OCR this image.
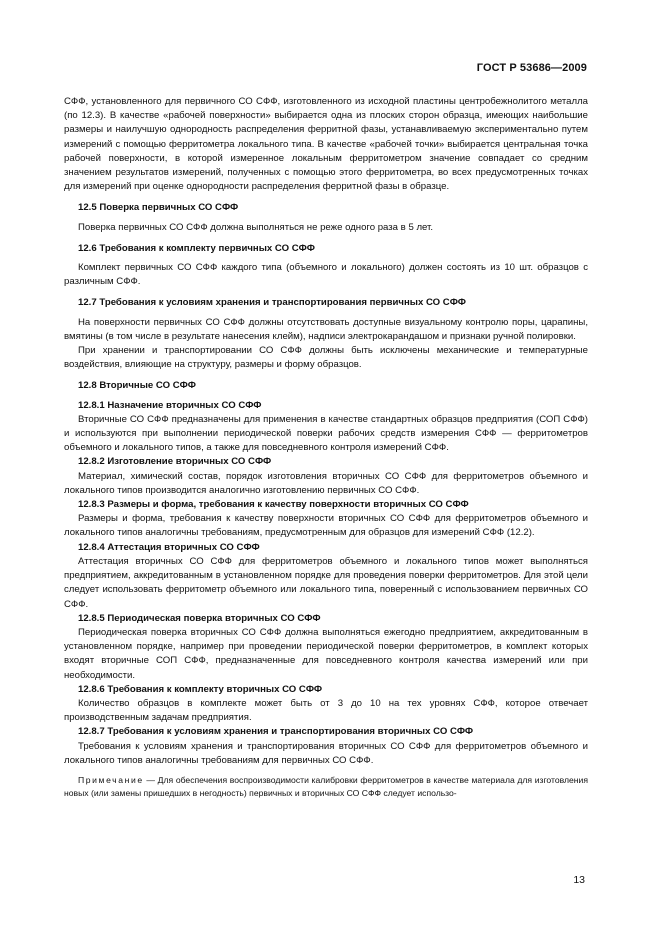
ГОСТ Р 53686—2009

СФФ, установленного для первичного СО СФФ, изготовленного из исходной пластины центробежнолитого металла (по 12.3). В качестве «рабочей поверхности» выбирается одна из плоских сторон образца, имеющих наибольшие размеры и наилучшую однородность распределения ферритной фазы, устанавливаемую экспериментально путем измерений с помощью ферритометра локального типа. В качестве «рабочей точки» выбирается центральная точка рабочей поверхности, в которой измеренное локальным ферритометром значение совпадает со средним значением результатов измерений, полученных с помощью этого ферритометра, во всех предусмотренных точках для измерений при оценке однородности распределения ферритной фазы в образце.

12.5 Поверка первичных СО СФФ

Поверка первичных СО СФФ должна выполняться не реже одного раза в 5 лет.

12.6 Требования к комплекту первичных СО СФФ

Комплект первичных СО СФФ каждого типа (объемного и локального) должен состоять из 10 шт. образцов с различным СФФ.

12.7 Требования к условиям хранения и транспортирования первичных СО СФФ

На поверхности первичных СО СФФ должны отсутствовать доступные визуальному контролю поры, царапины, вмятины (в том числе в результате нанесения клейм), надписи электрокарандашом и признаки ручной полировки.

При хранении и транспортировании СО СФФ должны быть исключены механические и температурные воздействия, влияющие на структуру, размеры и форму образцов.

12.8 Вторичные СО СФФ

12.8.1 Назначение вторичных СО СФФ

Вторичные СО СФФ предназначены для применения в качестве стандартных образцов предприятия (СОП СФФ) и используются при выполнении периодической поверки рабочих средств измерения СФФ — ферритометров объемного и локального типов, а также для повседневного контроля измерений СФФ.

12.8.2 Изготовление вторичных СО СФФ

Материал, химический состав, порядок изготовления вторичных СО СФФ для ферритометров объемного и локального типов производится аналогично изготовлению первичных СО СФФ.

12.8.3 Размеры и форма, требования к качеству поверхности вторичных СО СФФ

Размеры и форма, требования к качеству поверхности вторичных СО СФФ для ферритометров объемного и локального типов аналогичны требованиям, предусмотренным для образцов для измерений СФФ (12.2).

12.8.4 Аттестация вторичных СО СФФ

Аттестация вторичных СО СФФ для ферритометров объемного и локального типов может выполняться предприятием, аккредитованным в установленном порядке для проведения поверки ферритометров. Для этой цели следует использовать ферритометр объемного или локального типа, поверенный с использованием первичных СО СФФ.

12.8.5 Периодическая поверка вторичных СО СФФ

Периодическая поверка вторичных СО СФФ должна выполняться ежегодно предприятием, аккредитованным в установленном порядке, например при проведении периодической поверки ферритометров, в комплект которых входят вторичные СОП СФФ, предназначенные для повседневного контроля качества измерений или при необходимости.

12.8.6 Требования к комплекту вторичных СО СФФ

Количество образцов в комплекте может быть от 3 до 10 на тех уровнях СФФ, которое отвечает производственным задачам предприятия.

12.8.7 Требования к условиям хранения и транспортирования вторичных СО СФФ

Требования к условиям хранения и транспортирования вторичных СО СФФ для ферритометров объемного и локального типов аналогичны требованиям для первичных СО СФФ.

Примечание — Для обеспечения воспроизводимости калибровки ферритометров в качестве материала для изготовления новых (или замены пришедших в негодность) первичных и вторичных СО СФФ следует использо-

13
